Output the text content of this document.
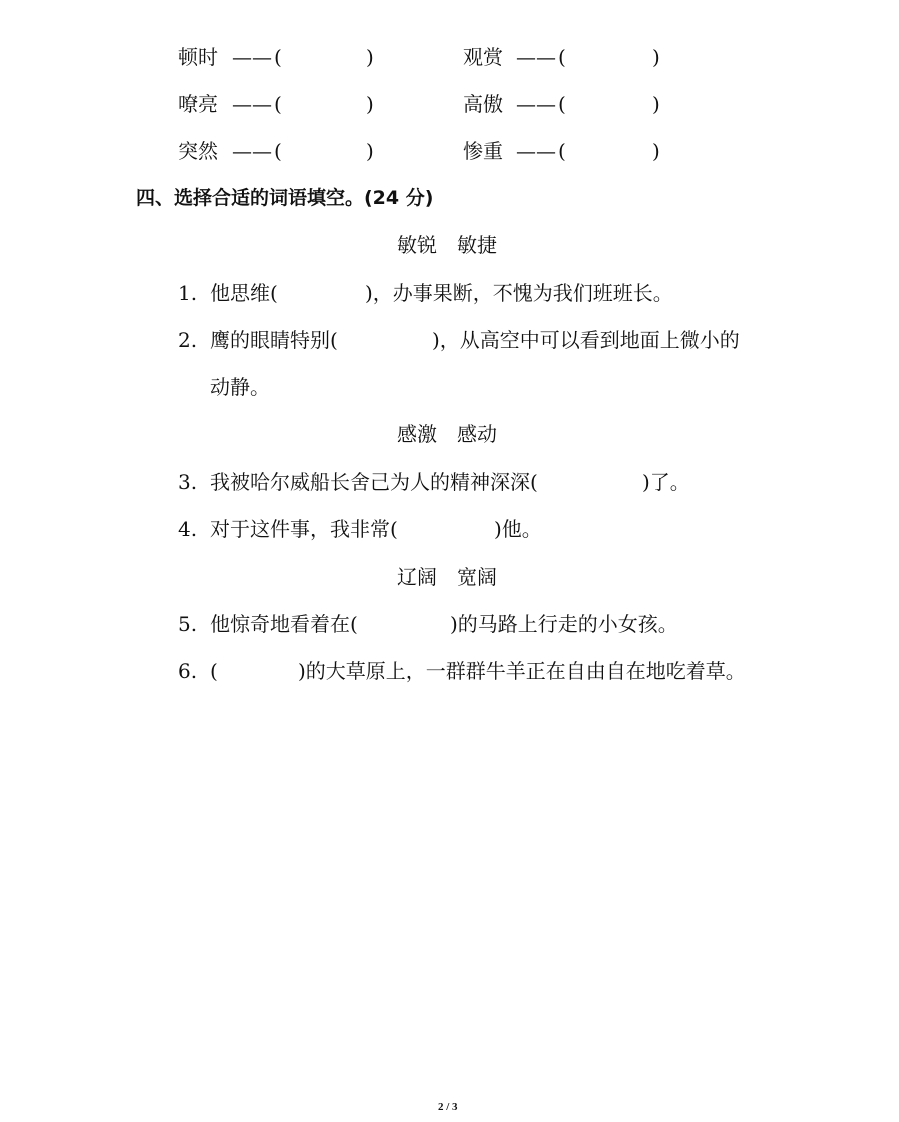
顿时 —— (	)	观赏 —— (	)
嘹亮 —— (	)	高傲 —— (	)
突然 —— (	)	惨重 —— (	)
四、选择合适的词语填空。(24 分)
敏锐　敏捷
1. 他思维(	)，办事果断，不愧为我们班班长。
2. 鹰的眼睛特别(	)，从高空中可以看到地面上微小的
动静。
感激　感动
3. 我被哈尔威船长舍己为人的精神深深(	)了。
4. 对于这件事，我非常(	)他。
辽阔　宽阔
5. 他惊奇地看着在(	)的马路上行走的小女孩。
6. (	)的大草原上，一群群牛羊正在自由自在地吃着草。
2 / 3
